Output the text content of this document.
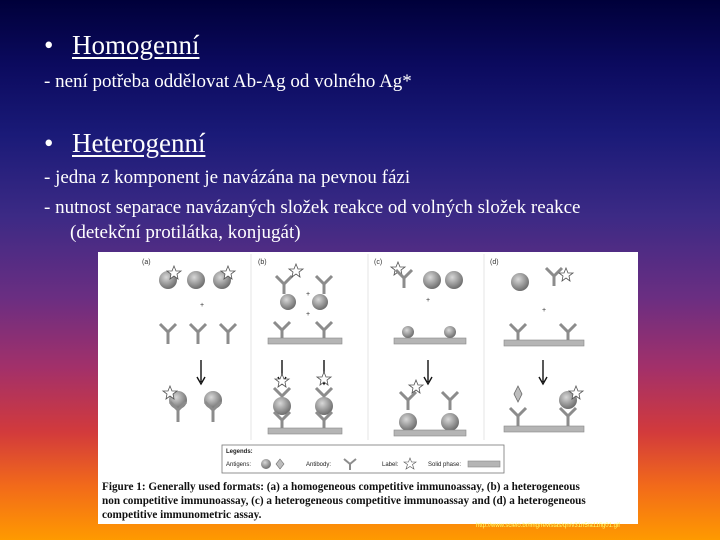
• Homogenní
- není potřeba oddělovat Ab-Ag od volného Ag*
• Heterogenní
- jedna z komponent je navázána na pevnou fázi
- nutnost separace navázaných složek reakce od volných složek reakce
(detekční protilátka, konjugát)
(a)	(b)	(c)	(d)
+
+
+
+
+
Legends:
Antigens:	Antibody:	Label:	Solid phase:
Figure 1: Generally used formats: (a) a homogeneous competitive immunoassay, (b) a heterogeneous
non competitive immunoassay, (c) a heterogeneous competitive immunoassay and (d) a heterogeneous
competitive immunometric assay.
http://www.scielo.br/img/revistas/qn/v31n5/a11fig01.gif
